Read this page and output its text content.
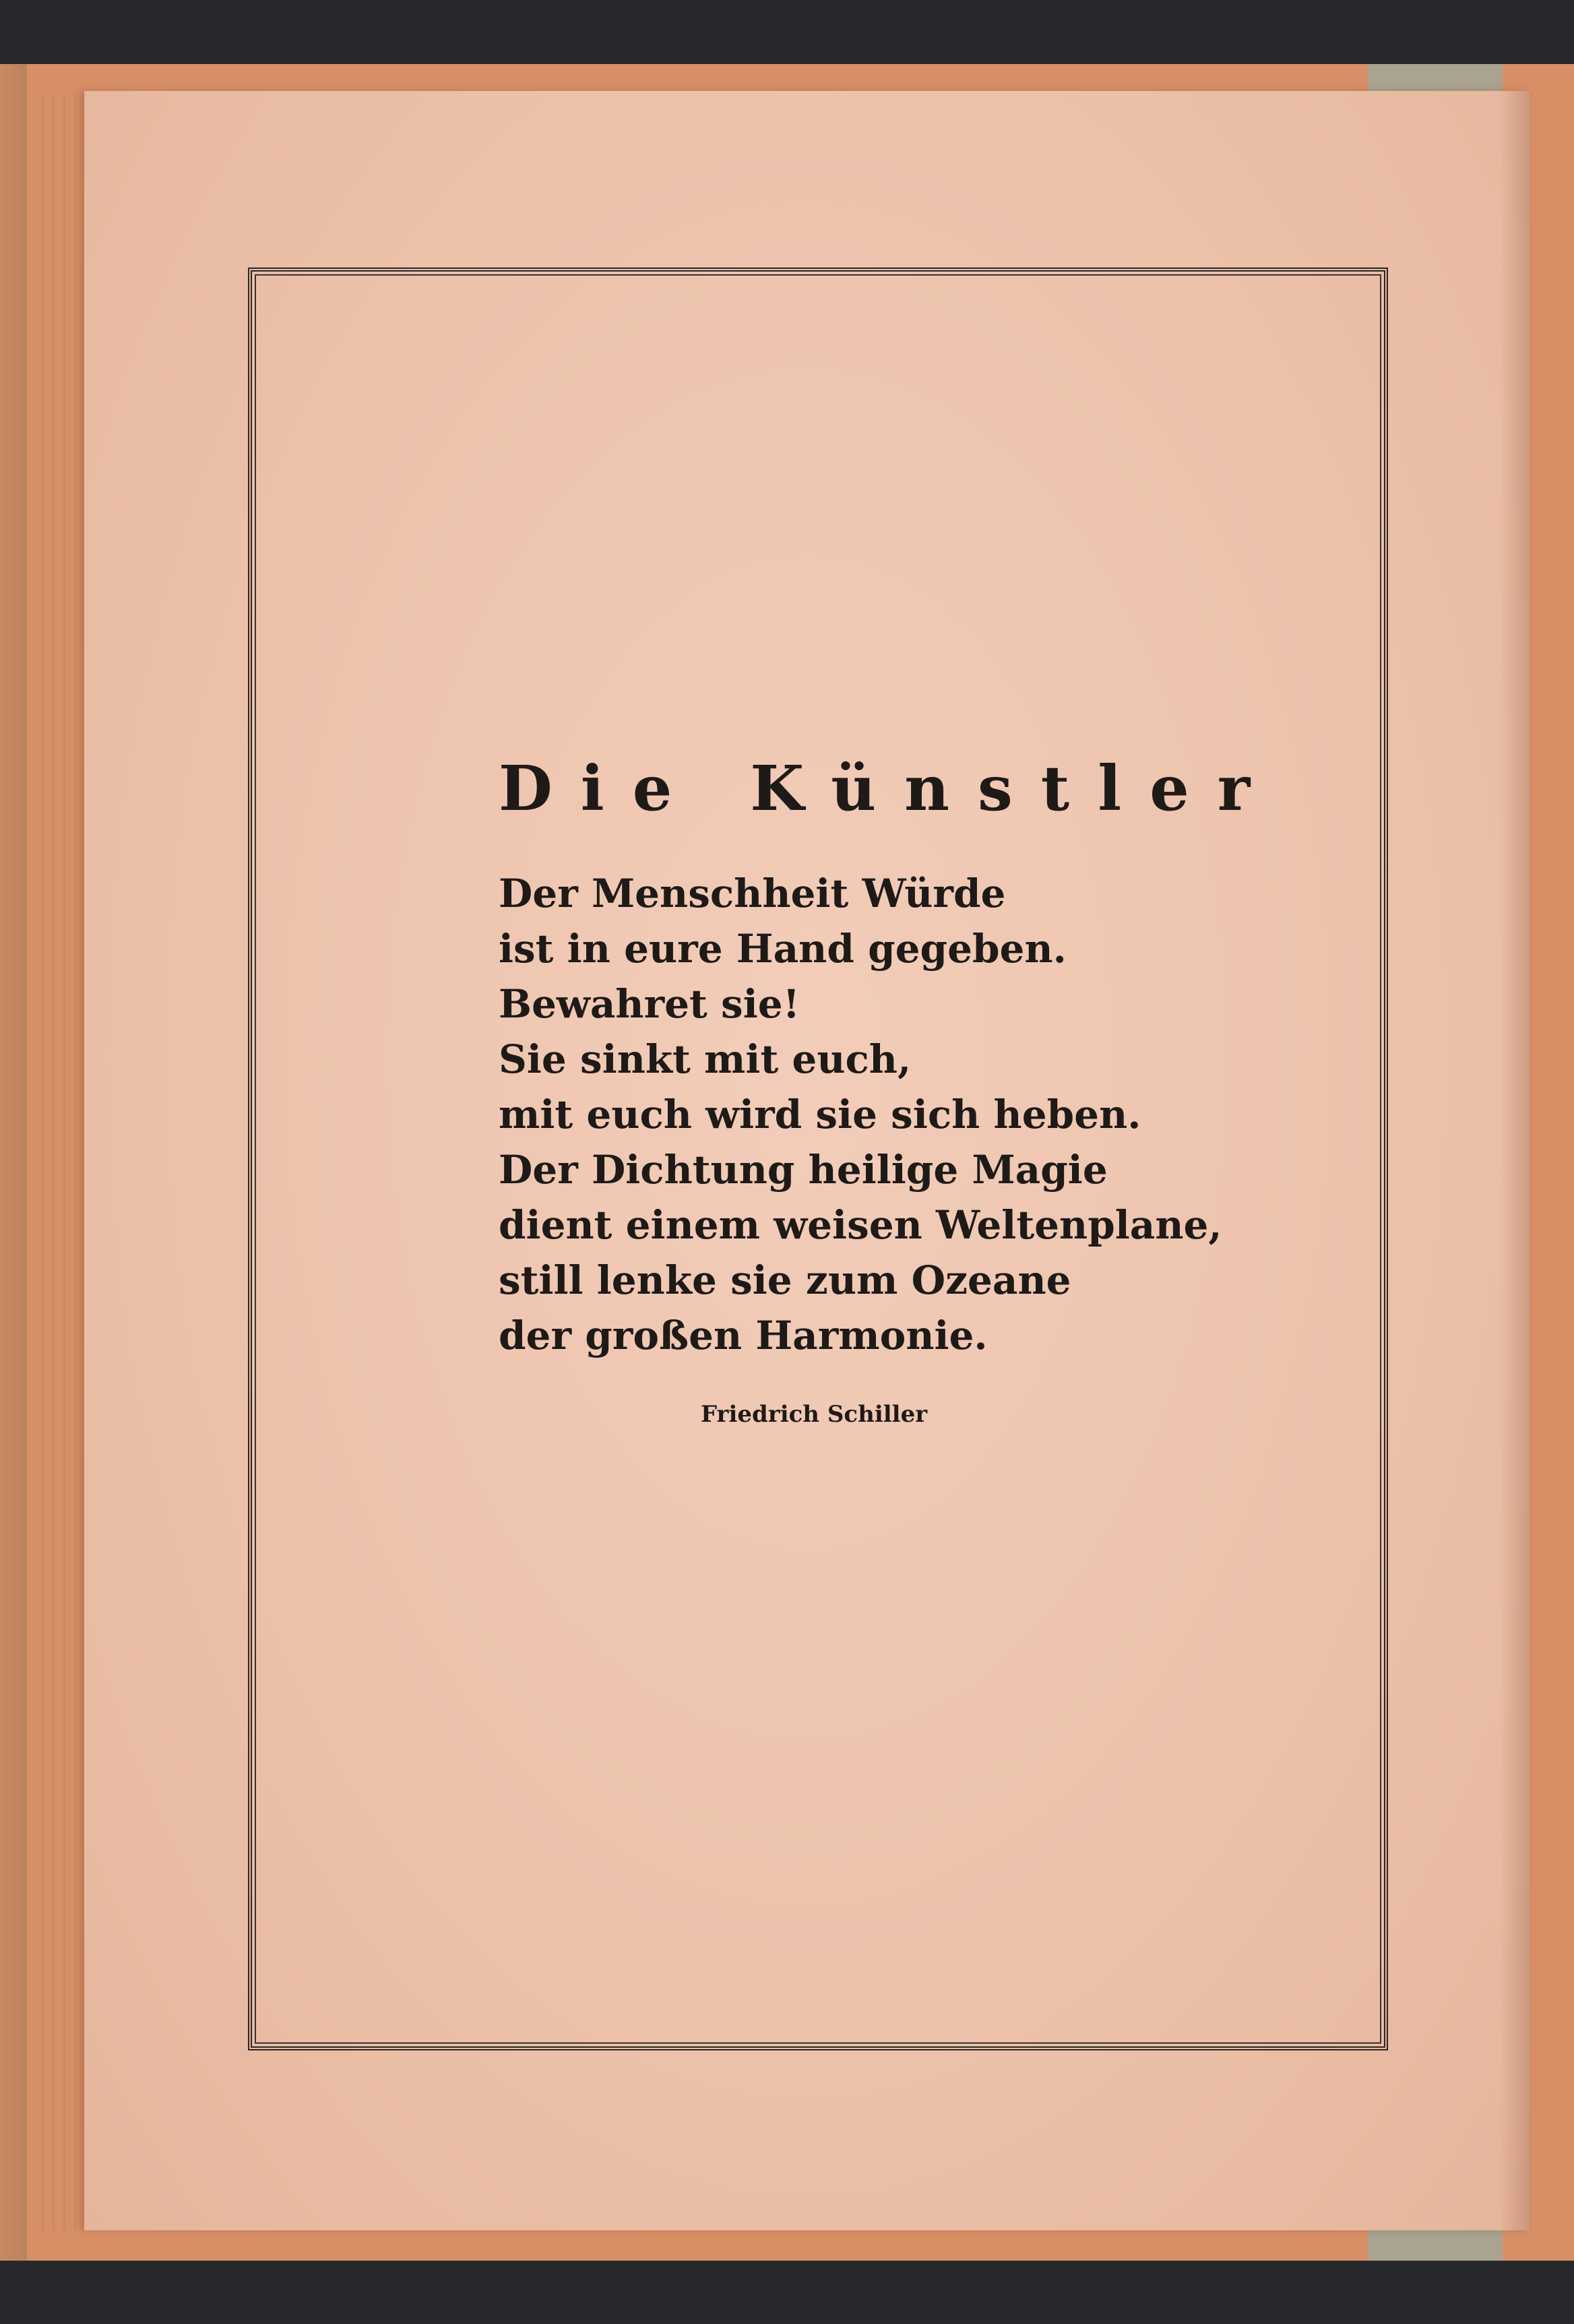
Die Künstler
Der Menschheit Würde
ist in eure Hand gegeben.
Bewahret sie!
Sie sinkt mit euch,
mit euch wird sie sich heben.
Der Dichtung heilige Magie
dient einem weisen Weltenplane,
still lenke sie zum Ozeane
der großen Harmonie.

Friedrich Schiller
